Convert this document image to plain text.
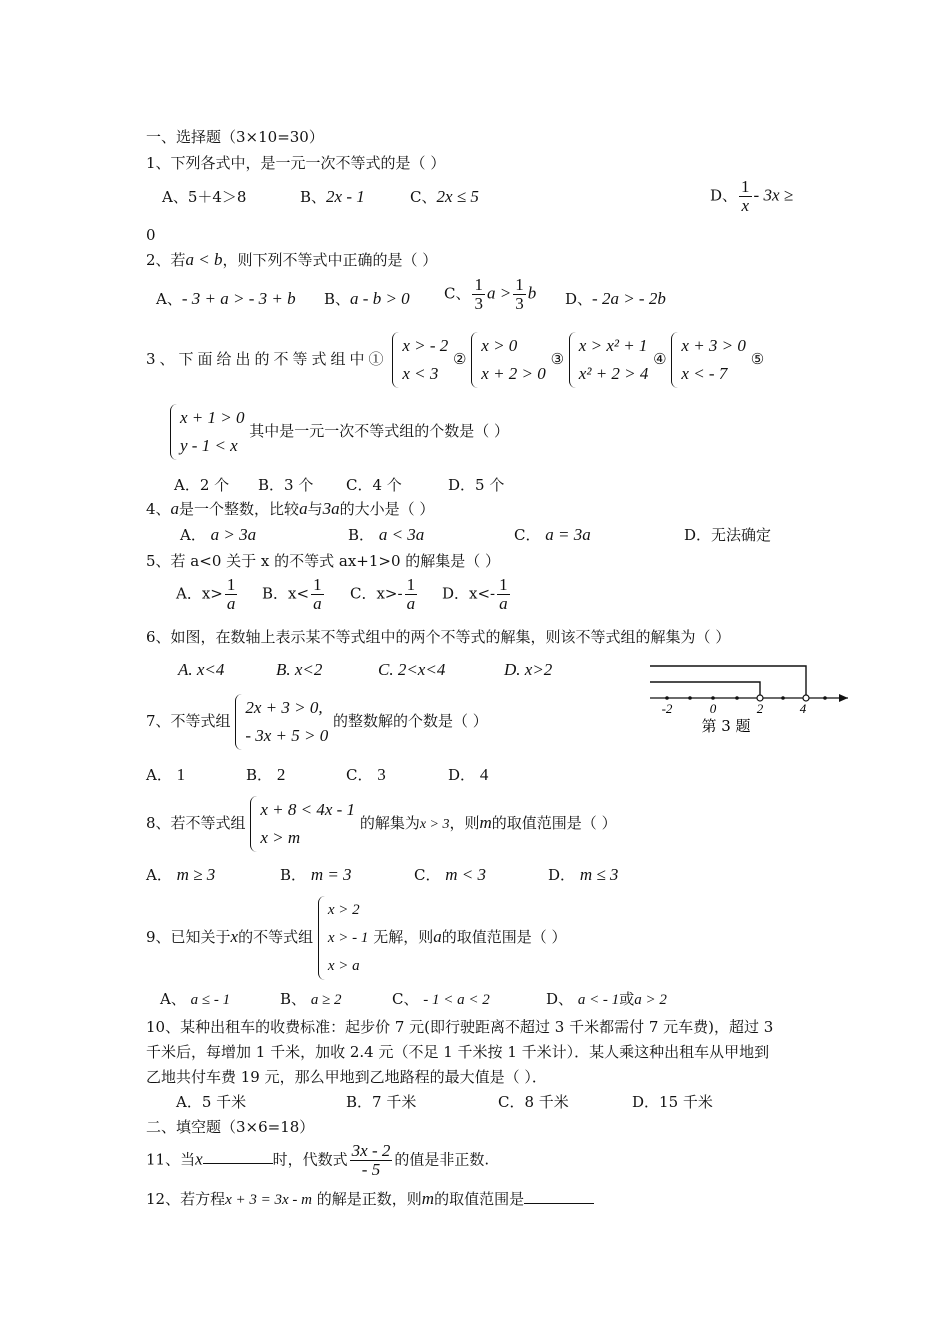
一、选择题（3×10=30）
1、下列各式中，是一元一次不等式的是（ ）
A、5＋4＞8	B、2x - 1	C、2x ≤ 5	D、 $\frac{1}{x} - 3x$ ≥
0
2、若a < b，则下列不等式中正确的是（ ）
A、- 3 + a > - 3 + b B、a - b > 0 C、 $\frac{1}{3}$ $a > \frac{1}{3}$ b D、- 2a > - 2b
3、下面给出的不等式组中①
x > - 2
x < 3
②
x > 0
x + 2 > 0
③
x > x² + 1
x² + 2 > 4
④
x + 3 > 0
x < - 7
⑤
x + 1 > 0
y - 1 < x
其中是一元一次不等式组的个数是（ ）
A．2 个 B．3 个 C．4 个	D．5 个
4、a是一个整数，比较a与3a的大小是（ ）
A． a > 3a	B． a < 3a	C． a = 3a	D．无法确定
5、若 a<0 关于 x 的不等式 ax+1>0 的解集是（ ）
A．$x> \frac{1}{a}$ B．$x< \frac{1}{a}$ C．$x>- \frac{1}{a}$ D．$x<- \frac{1}{a}$
6、如图，在数轴上表示某不等式组中的两个不等式的解集，则该不等式组的解集为（ ）
A. x<4	B. x<2	C. 2<x<4	D. x>2
-2	0	2	4
第 3 题
7、不等式组
2x + 3 > 0,
- 3x + 5 > 0
的整数解的个数是（ ）
A． 1	B． 2	C． 3	D． 4
8、若不等式组
x + 8 < 4x - 1
x > m
的解集为x > 3，则m的取值范围是（ ）
A． m ≥ 3	B． m = 3	C． m < 3	D． m ≤ 3
9、已知关于x的不等式组
x > 2
x > - 1
x > a
无解，则a的取值范围是（ ）
A、 a ≤ - 1	B、 a ≥ 2	C、 - 1 < a < 2	D、 a < - 1或a > 2
10、某种出租车的收费标准：起步价 7 元(即行驶距离不超过 3 千米都需付 7 元车费)，超过 3
千米后，每增加 1 千米，加收 2.4 元（不足 1 千米按 1 千米计）．某人乘这种出租车从甲地到
乙地共付车费 19 元，那么甲地到乙地路程的最大值是（ ）．
A．5 千米	B．7 千米	C．8 千米	D．15 千米
二、填空题（3×6=18）
11、当x	时，代数式 $\frac{3x - 2}{- 5}$ 的值是非正数.
12、若方程x + 3 = 3x - m 的解是正数，则m的取值范围是
